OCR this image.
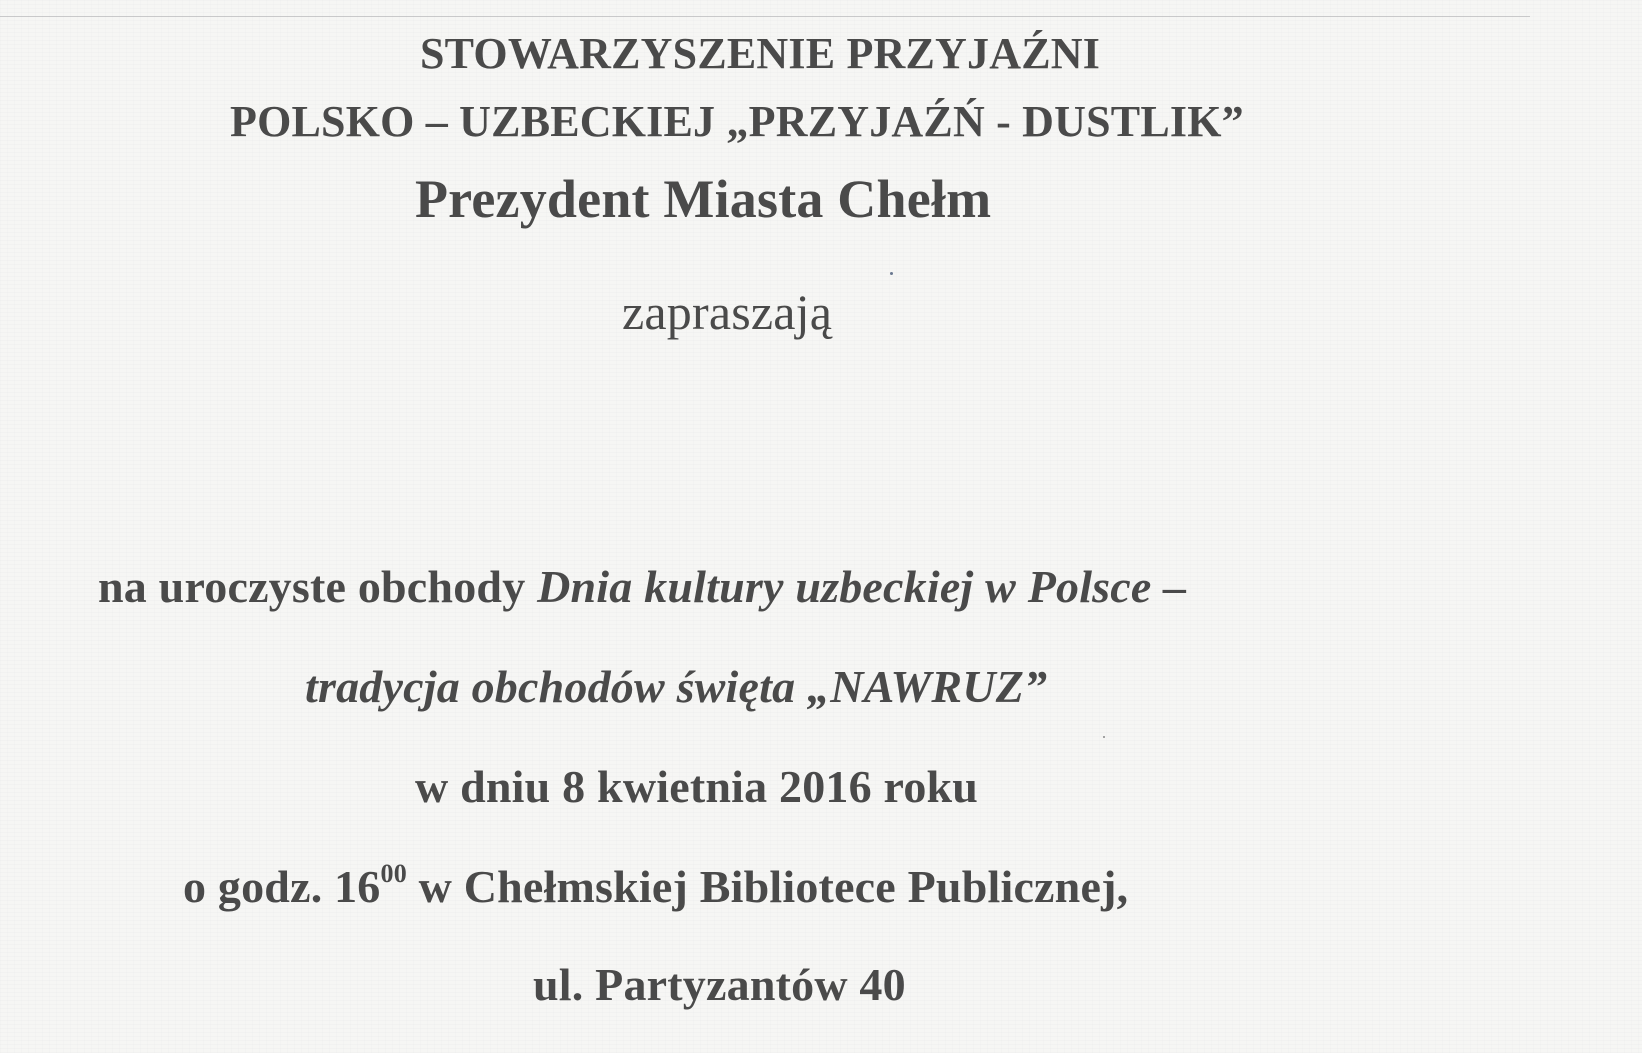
STOWARZYSZENIE PRZYJAŹNI
POLSKO – UZBECKIEJ „PRZYJAŹŃ - DUSTLIK”
Prezydent Miasta Chełm
zapraszają
na uroczyste obchody Dnia kultury uzbeckiej w Polsce –
tradycja obchodów święta „NAWRUZ”
w dniu 8 kwietnia 2016 roku
o godz. $16^{00}$ w Chełmskiej Bibliotece Publicznej,
ul. Partyzantów 40
